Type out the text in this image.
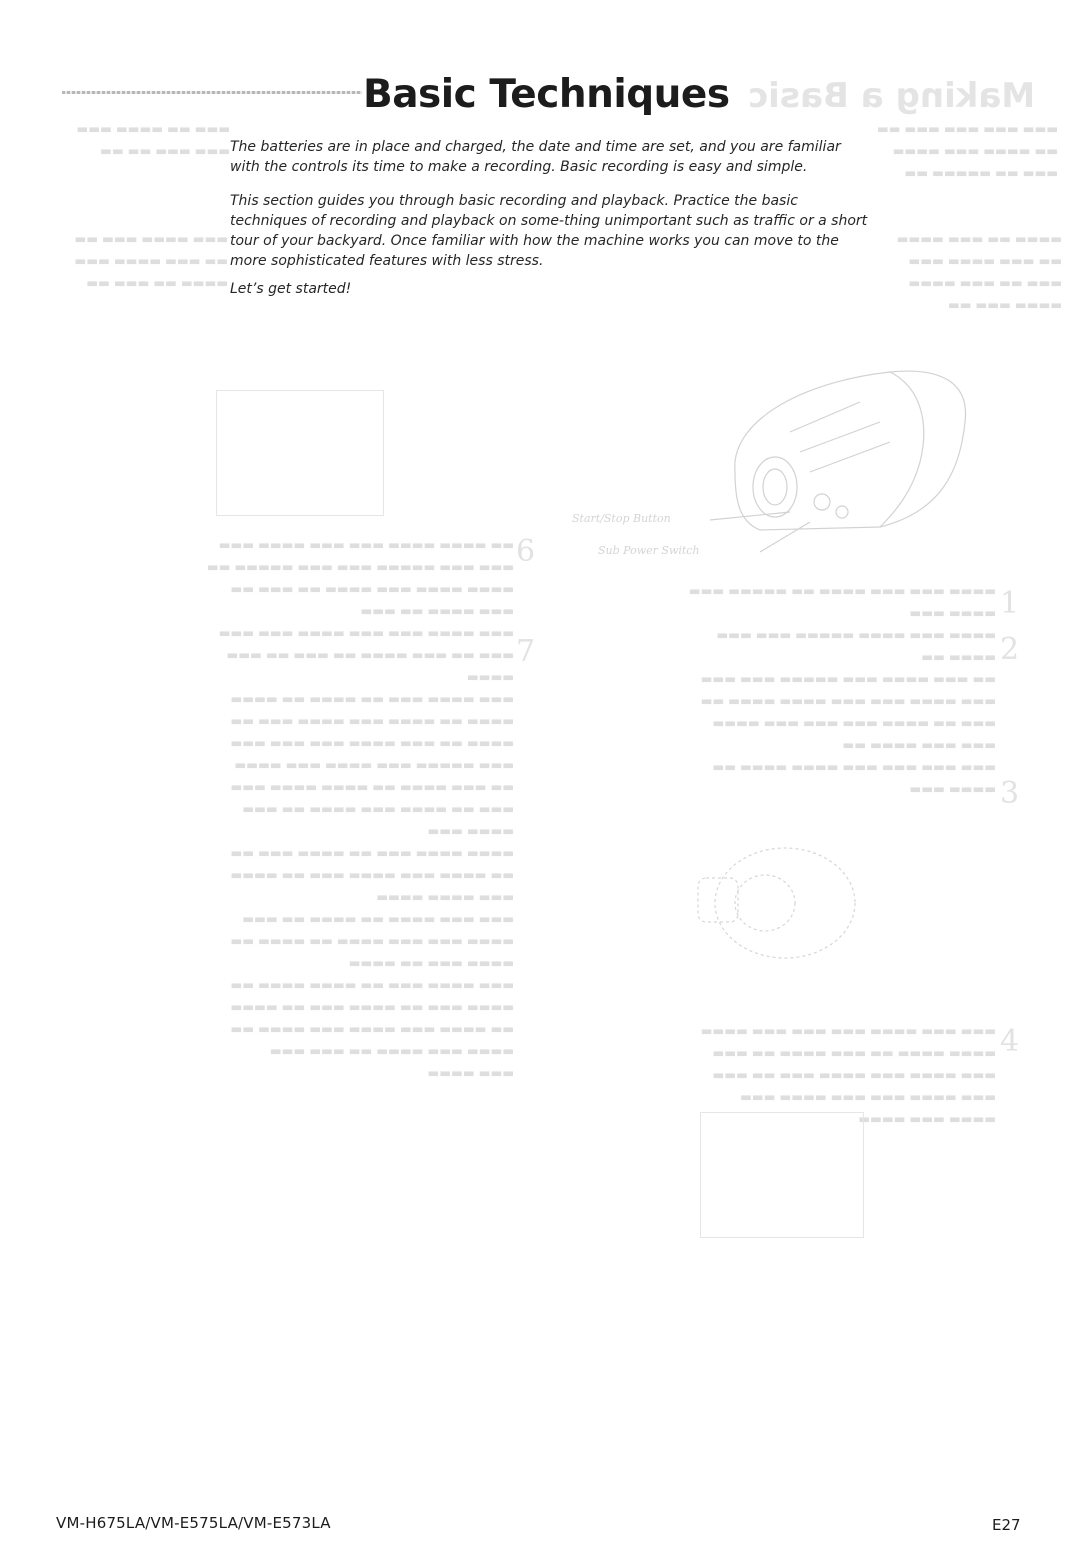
Making a Basic
▬▬▬ ▬▬▬ ▬▬▬ ▬▬▬ ▬▬
▬▬ ▬▬▬▬ ▬▬▬ ▬▬▬▬
▬▬▬ ▬▬ ▬▬▬▬▬ ▬▬
▬▬▬ ▬▬ ▬▬▬▬ ▬▬▬
▬▬▬ ▬▬▬ ▬▬ ▬▬
▬▬▬▬ ▬▬ ▬▬▬ ▬▬▬▬
▬▬ ▬▬▬ ▬▬▬▬ ▬▬▬
▬▬▬ ▬▬ ▬▬▬ ▬▬▬▬
▬▬▬▬ ▬▬▬ ▬▬
▬▬▬ ▬▬▬▬ ▬▬▬ ▬▬
▬▬ ▬▬▬ ▬▬▬▬ ▬▬▬
▬▬▬▬ ▬▬ ▬▬▬ ▬▬
6
7
▬▬ ▬▬▬▬ ▬▬▬▬ ▬▬▬ ▬▬▬ ▬▬▬▬ ▬▬▬
▬▬▬ ▬▬▬ ▬▬▬▬▬ ▬▬▬ ▬▬▬ ▬▬▬▬▬ ▬▬
▬▬▬▬ ▬▬▬▬ ▬▬▬ ▬▬▬▬ ▬▬ ▬▬▬ ▬▬
▬▬▬ ▬▬▬▬ ▬▬ ▬▬▬
▬▬▬ ▬▬▬▬ ▬▬▬ ▬▬▬ ▬▬▬▬ ▬▬▬ ▬▬▬
▬▬▬ ▬▬ ▬▬▬ ▬▬▬▬ ▬▬ ▬▬▬ ▬▬ ▬▬▬
▬▬▬▬
▬▬▬ ▬▬▬▬ ▬▬▬ ▬▬ ▬▬▬▬ ▬▬ ▬▬▬▬
▬▬▬▬ ▬▬ ▬▬▬▬ ▬▬▬ ▬▬▬▬ ▬▬▬ ▬▬
▬▬▬▬ ▬▬ ▬▬▬ ▬▬▬▬ ▬▬▬ ▬▬▬ ▬▬▬
▬▬▬ ▬▬▬▬▬ ▬▬▬ ▬▬▬▬ ▬▬▬ ▬▬▬▬
▬▬ ▬▬▬ ▬▬▬▬ ▬▬ ▬▬▬▬ ▬▬▬▬ ▬▬▬
▬▬▬ ▬▬ ▬▬▬▬ ▬▬▬ ▬▬▬▬ ▬▬ ▬▬▬
▬▬▬▬ ▬▬▬
▬▬▬▬ ▬▬▬▬ ▬▬▬ ▬▬ ▬▬▬▬ ▬▬▬ ▬▬
▬▬ ▬▬▬▬ ▬▬▬ ▬▬▬▬ ▬▬▬ ▬▬ ▬▬▬▬
▬▬▬ ▬▬▬▬ ▬▬▬▬
▬▬▬ ▬▬▬ ▬▬▬▬ ▬▬ ▬▬▬▬ ▬▬ ▬▬▬
▬▬▬▬ ▬▬▬ ▬▬▬ ▬▬▬▬ ▬▬ ▬▬▬▬ ▬▬
▬▬▬▬ ▬▬▬ ▬▬ ▬▬▬▬
▬▬▬ ▬▬▬▬ ▬▬▬ ▬▬ ▬▬▬▬ ▬▬▬▬ ▬▬
▬▬▬▬ ▬▬▬ ▬▬ ▬▬▬▬ ▬▬▬ ▬▬ ▬▬▬▬
▬▬ ▬▬▬▬ ▬▬▬ ▬▬▬▬ ▬▬▬ ▬▬▬▬ ▬▬
▬▬▬▬ ▬▬▬ ▬▬▬▬ ▬▬ ▬▬▬ ▬▬▬
▬▬▬ ▬▬▬▬
1
2
3
▬▬▬▬ ▬▬▬ ▬▬▬ ▬▬▬▬ ▬▬ ▬▬▬▬▬ ▬▬▬
▬▬▬▬ ▬▬▬
▬▬▬▬ ▬▬▬ ▬▬▬▬ ▬▬▬▬▬ ▬▬▬ ▬▬▬
▬▬▬▬ ▬▬
▬▬ ▬▬▬ ▬▬▬▬ ▬▬▬ ▬▬▬▬▬ ▬▬▬ ▬▬▬
▬▬▬ ▬▬▬▬ ▬▬▬ ▬▬▬ ▬▬▬▬ ▬▬▬▬ ▬▬
▬▬▬ ▬▬ ▬▬▬▬ ▬▬▬ ▬▬▬ ▬▬▬ ▬▬▬▬
▬▬▬ ▬▬▬ ▬▬▬▬ ▬▬
▬▬▬ ▬▬▬ ▬▬▬ ▬▬▬ ▬▬▬▬ ▬▬▬▬ ▬▬
▬▬▬▬ ▬▬▬
4
▬▬▬ ▬▬▬ ▬▬▬▬ ▬▬▬ ▬▬▬ ▬▬▬ ▬▬▬▬
▬▬▬▬ ▬▬▬▬ ▬▬ ▬▬▬ ▬▬▬▬ ▬▬ ▬▬▬
▬▬▬ ▬▬▬▬ ▬▬▬ ▬▬▬▬ ▬▬▬ ▬▬ ▬▬▬
▬▬▬ ▬▬▬▬ ▬▬▬ ▬▬▬ ▬▬▬▬ ▬▬▬
▬▬▬▬ ▬▬▬ ▬▬▬▬
Start/Stop Button
Sub Power Switch
Basic Techniques

The batteries are in place and charged, the date and time are set, and you are familiar with the controls its time to make a recording. Basic recording is easy and simple.

This section guides you through basic recording and playback. Practice the basic techniques of recording and playback on some-thing unimportant such as traffic or a short tour of your backyard. Once familiar with how the machine works you can move to the more sophisticated features with less stress.

Let’s get started!

VM-H675LA/VM-E575LA/VM-E573LA	E27
